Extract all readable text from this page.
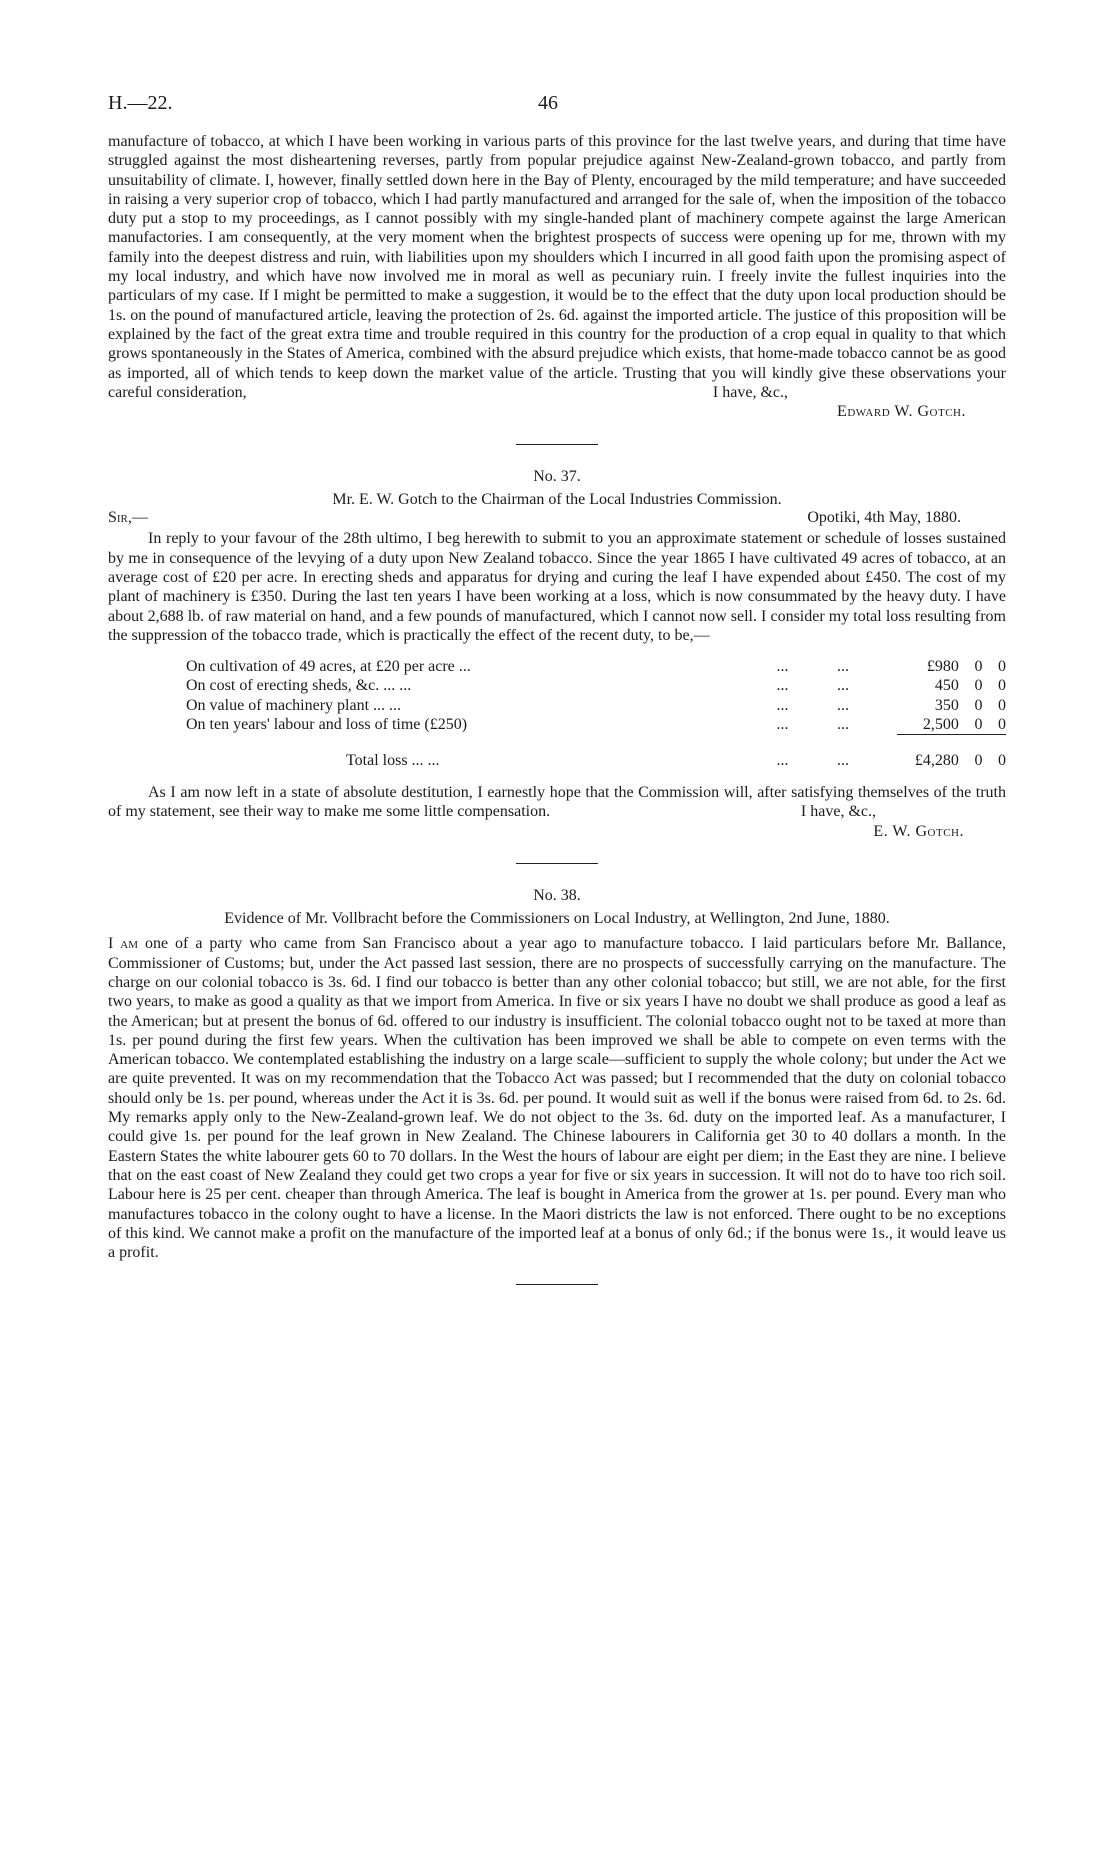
H.—22.	46

manufacture of tobacco, at which I have been working in various parts of this province for the last twelve years, and during that time have struggled against the most disheartening reverses, partly from popular prejudice against New-Zealand-grown tobacco, and partly from unsuitability of climate. I, however, finally settled down here in the Bay of Plenty, encouraged by the mild temperature; and have succeeded in raising a very superior crop of tobacco, which I had partly manufactured and arranged for the sale of, when the imposition of the tobacco duty put a stop to my proceedings, as I cannot possibly with my single-handed plant of machinery compete against the large American manufactories. I am consequently, at the very moment when the brightest prospects of success were opening up for me, thrown with my family into the deepest distress and ruin, with liabilities upon my shoulders which I incurred in all good faith upon the promising aspect of my local industry, and which have now involved me in moral as well as pecuniary ruin. I freely invite the fullest inquiries into the particulars of my case. If I might be permitted to make a suggestion, it would be to the effect that the duty upon local production should be 1s. on the pound of manufactured article, leaving the protection of 2s. 6d. against the imported article. The justice of this proposition will be explained by the fact of the great extra time and trouble required in this country for the production of a crop equal in quality to that which grows spontaneously in the States of America, combined with the absurd prejudice which exists, that home-made tobacco cannot be as good as imported, all of which tends to keep down the market value of the article. Trusting that you will kindly give these observations your careful consideration,	I have, &c.,
Edward W. Gotch.
No. 37.
Mr. E. W. Gotch to the Chairman of the Local Industries Commission.
Sir,—	Opotiki, 4th May, 1880.

In reply to your favour of the 28th ultimo, I beg herewith to submit to you an approximate statement or schedule of losses sustained by me in consequence of the levying of a duty upon New Zealand tobacco. Since the year 1865 I have cultivated 49 acres of tobacco, at an average cost of £20 per acre. In erecting sheds and apparatus for drying and curing the leaf I have expended about £450. The cost of my plant of machinery is £350. During the last ten years I have been working at a loss, which is now consummated by the heavy duty. I have about 2,688 lb. of raw material on hand, and a few pounds of manufactured, which I cannot now sell. I consider my total loss resulting from the suppression of the tobacco trade, which is practically the effect of the recent duty, to be,—

On cultivation of 49 acres, at £20 per acre ...	...	...	£980	0	0
On cost of erecting sheds, &c. ... ...	...	...	450	0	0
On value of machinery plant ... ...	...	...	350	0	0
On ten years' labour and loss of time (£250)	...	...	2,500	0	0
Total loss ... ...	...	...	£4,280	0	0

As I am now left in a state of absolute destitution, I earnestly hope that the Commission will, after satisfying themselves of the truth of my statement, see their way to make me some little compensation.	I have, &c.,
E. W. Gotch.
No. 38.
Evidence of Mr. Vollbracht before the Commissioners on Local Industry, at Wellington, 2nd June, 1880.

I am one of a party who came from San Francisco about a year ago to manufacture tobacco. I laid particulars before Mr. Ballance, Commissioner of Customs; but, under the Act passed last session, there are no prospects of successfully carrying on the manufacture. The charge on our colonial tobacco is 3s. 6d. I find our tobacco is better than any other colonial tobacco; but still, we are not able, for the first two years, to make as good a quality as that we import from America. In five or six years I have no doubt we shall produce as good a leaf as the American; but at present the bonus of 6d. offered to our industry is insufficient. The colonial tobacco ought not to be taxed at more than 1s. per pound during the first few years. When the cultivation has been improved we shall be able to compete on even terms with the American tobacco. We contemplated establishing the industry on a large scale—sufficient to supply the whole colony; but under the Act we are quite prevented. It was on my recommendation that the Tobacco Act was passed; but I recommended that the duty on colonial tobacco should only be 1s. per pound, whereas under the Act it is 3s. 6d. per pound. It would suit as well if the bonus were raised from 6d. to 2s. 6d. My remarks apply only to the New-Zealand-grown leaf. We do not object to the 3s. 6d. duty on the imported leaf. As a manufacturer, I could give 1s. per pound for the leaf grown in New Zealand. The Chinese labourers in California get 30 to 40 dollars a month. In the Eastern States the white labourer gets 60 to 70 dollars. In the West the hours of labour are eight per diem; in the East they are nine. I believe that on the east coast of New Zealand they could get two crops a year for five or six years in succession. It will not do to have too rich soil. Labour here is 25 per cent. cheaper than through America. The leaf is bought in America from the grower at 1s. per pound. Every man who manufactures tobacco in the colony ought to have a license. In the Maori districts the law is not enforced. There ought to be no exceptions of this kind. We cannot make a profit on the manufacture of the imported leaf at a bonus of only 6d.; if the bonus were 1s., it would leave us a profit.
